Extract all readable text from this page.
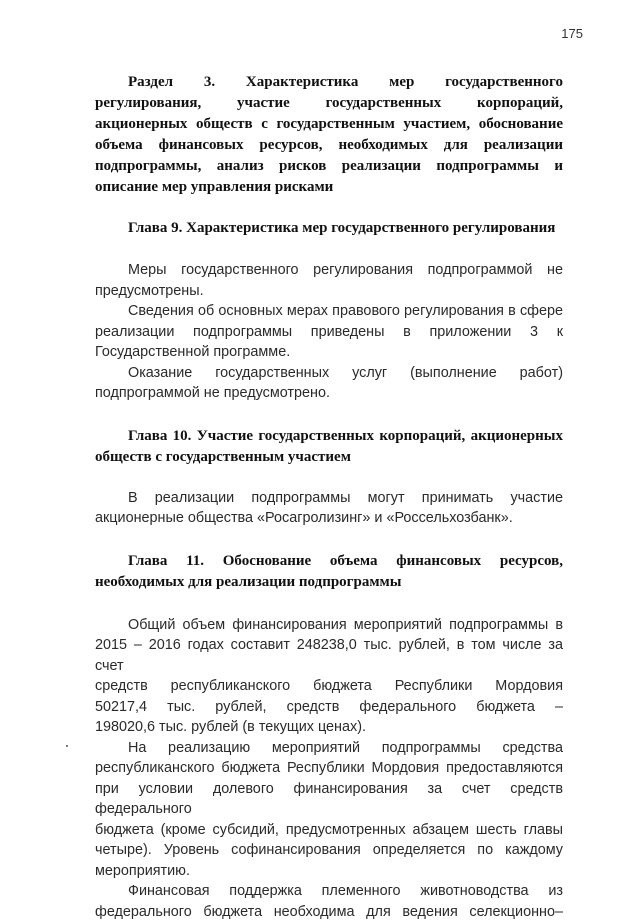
175

Раздел 3. Характеристика мер государственного

регулирования, участие государственных корпораций,

акционерных обществ с государственным участием, обоснование

объема финансовых ресурсов, необходимых для реализации

подпрограммы, анализ рисков реализации подпрограммы и

описание мер управления рисками

Глава 9. Характеристика мер государственного регулирования

Меры государственного регулирования подпрограммой не

предусмотрены.

Сведения об основных мерах правового регулирования в сфере

реализации подпрограммы приведены в приложении 3 к

Государственной программе.

Оказание государственных услуг (выполнение работ)

подпрограммой не предусмотрено.

Глава 10. Участие государственных корпораций, акционерных

обществ с государственным участием

В реализации подпрограммы могут принимать участие

акционерные общества «Росагролизинг» и «Россельхозбанк».

Глава 11. Обоснование объема финансовых ресурсов,

необходимых для реализации подпрограммы

Общий объем финансирования мероприятий подпрограммы в

2015 – 2016 годах составит 248238,0 тыс. рублей, в том числе за счет

средств республиканского бюджета Республики Мордовия

50217,4 тыс. рублей, средств федерального бюджета –

198020,6 тыс. рублей (в текущих ценах).

На реализацию мероприятий подпрограммы средства

республиканского бюджета Республики Мордовия предоставляются

при условии долевого финансирования за счет средств федерального

бюджета (кроме субсидий, предусмотренных абзацем шесть главы

четыре). Уровень софинансирования определяется по каждому

мероприятию.

Финансовая поддержка племенного животноводства из

федерального бюджета необходима для ведения селекционно–
